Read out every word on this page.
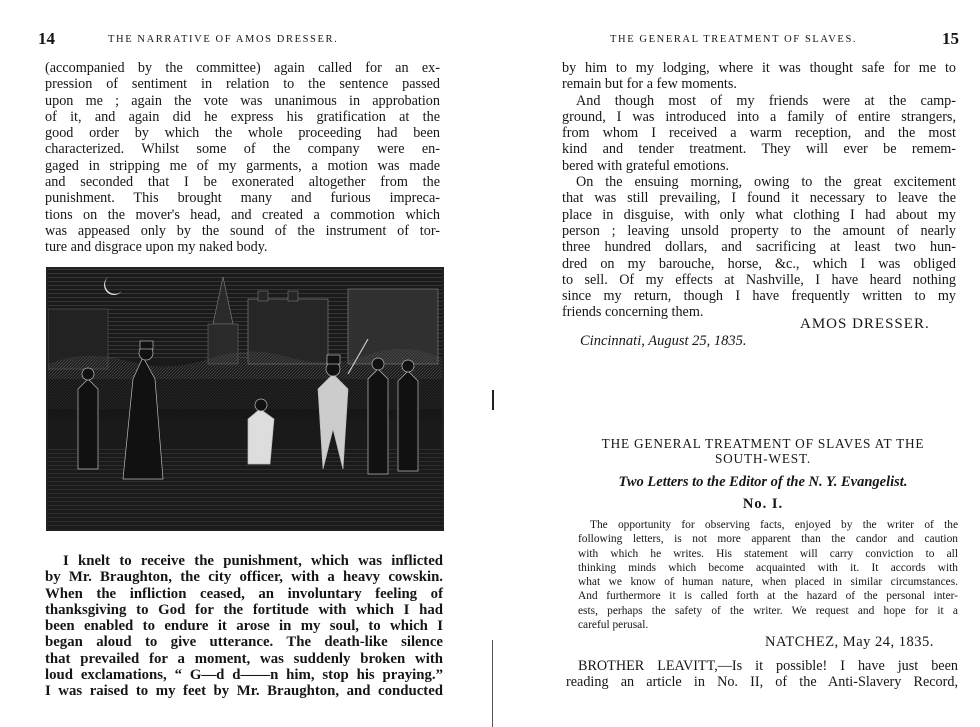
14	THE NARRATIVE OF AMOS DRESSER.
(accompanied by the committee) again called for an ex-
pression of sentiment in relation to the sentence passed
upon me ; again the vote was unanimous in approbation
of it, and again did he express his gratification at the
good order by which the whole proceeding had been
characterized. Whilst some of the company were en-
gaged in stripping me of my garments, a motion was made
and seconded that I be exonerated altogether from the
punishment. This brought many and furious impreca-
tions on the mover's head, and created a commotion which
was appeased only by the sound of the instrument of tor-
ture and disgrace upon my naked body.
I knelt to receive the punishment, which was inflicted
by Mr. Braughton, the city officer, with a heavy cowskin.
When the infliction ceased, an involuntary feeling of
thanksgiving to God for the fortitude with which I had
been enabled to endure it arose in my soul, to which I
began aloud to give utterance. The death-like silence
that prevailed for a moment, was suddenly broken with
loud exclamations, “ G—d d——n him, stop his praying.”
I was raised to my feet by Mr. Braughton, and conducted
THE GENERAL TREATMENT OF SLAVES.	15
by him to my lodging, where it was thought safe for me to
remain but for a few moments.
And though most of my friends were at the camp-
ground, I was introduced into a family of entire strangers,
from whom I received a warm reception, and the most
kind and tender treatment. They will ever be remem-
bered with grateful emotions.
On the ensuing morning, owing to the great excitement
that was still prevailing, I found it necessary to leave the
place in disguise, with only what clothing I had about my
person ; leaving unsold property to the amount of nearly
three hundred dollars, and sacrificing at least two hun-
dred on my barouche, horse, &c., which I was obliged
to sell. Of my effects at Nashville, I have heard nothing
since my return, though I have frequently written to my
friends concerning them.
AMOS DRESSER.
Cincinnati, August 25, 1835.
THE GENERAL TREATMENT OF SLAVES AT THE
SOUTH-WEST.
Two Letters to the Editor of the N. Y. Evangelist.
No. I.
The opportunity for observing facts, enjoyed by the writer of the
following letters, is not more apparent than the candor and caution
with which he writes. His statement will carry conviction to all
thinking minds which become acquainted with it. It accords with
what we know of human nature, when placed in similar circumstances.
And furthermore it is called forth at the hazard of the personal inter-
ests, perhaps the safety of the writer. We request and hope for it a
careful perusal.
NATCHEZ, May 24, 1835.
BROTHER LEAVITT,—Is it possible! I have just been
reading an article in No. II, of the Anti-Slavery Record,
